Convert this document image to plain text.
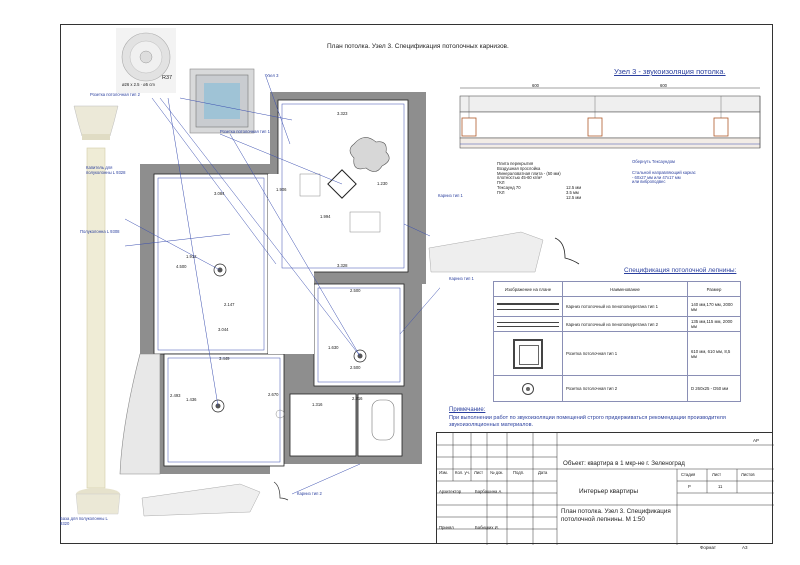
План потолка. Узел 3. Спецификация потолочных карнизов.
Узел 3 - звукоизоляция потолка.
3.323
1.230
3.328
3.084
1.912
2.147
3.044
2.500
1.630
2.500
1.436
3.449
2.493
1.316
2.216
4.500
1.994
2.670
1.906
R37
ø26 x 2.5 · ø5 cm
Розетка потолочная тип 2
Капитель для полуколонны L 9328
Полуколонна L 9308
База для полуколонны L 9320
Узел 3
Розетка потолочная тип 1
Карниз тип 1
Карниз тип 1
Карниз тип 2
600	600
Плита перекрытия
Воздушная прослойка
Минераловатная плита - (50 мм)
плотностью 45-60 кг/м³
ГКЛ
Тексаунд 70
ГКЛ
12.5 мм
3.5 мм
12.5 мм
Обернуть Тексаундом
Стальной направляющий каркас
- 60х27 мм или 47х17 мм
или виброподвес
Спецификация потолочной лепнины:
Изображение на плане	Наименование	Размер

	Карниз потолочный из пенополиуретана тип 1	140 мм,170 мм, 2000 мм

	Карниз потолочный из пенополиуретана тип 2	135 мм,115 мм, 2000 мм

	Розетка потолочная тип 1	610 мм, 610 мм, 8,5 мм

	Розетка потолочная тип 2	D 260х25 - D50 мм
Примечание:
При выполнении работ по звукоизоляции помещений строго придерживаться рекомендации производителя звукоизоляционных материалов.
АР
Объект: квартира в 1 мкр-не г. Зеленоград
Изм. Кол. уч. Лист № док. Подп.	Дата
Архитектор	Барбашина А.
Принял	Бабицких И.
Интерьер квартиры
Стадия	Лист	Листов
Р	11
План потолка. Узел 3. Спецификация потолочной лепнины. М 1:50
Формат	А3
